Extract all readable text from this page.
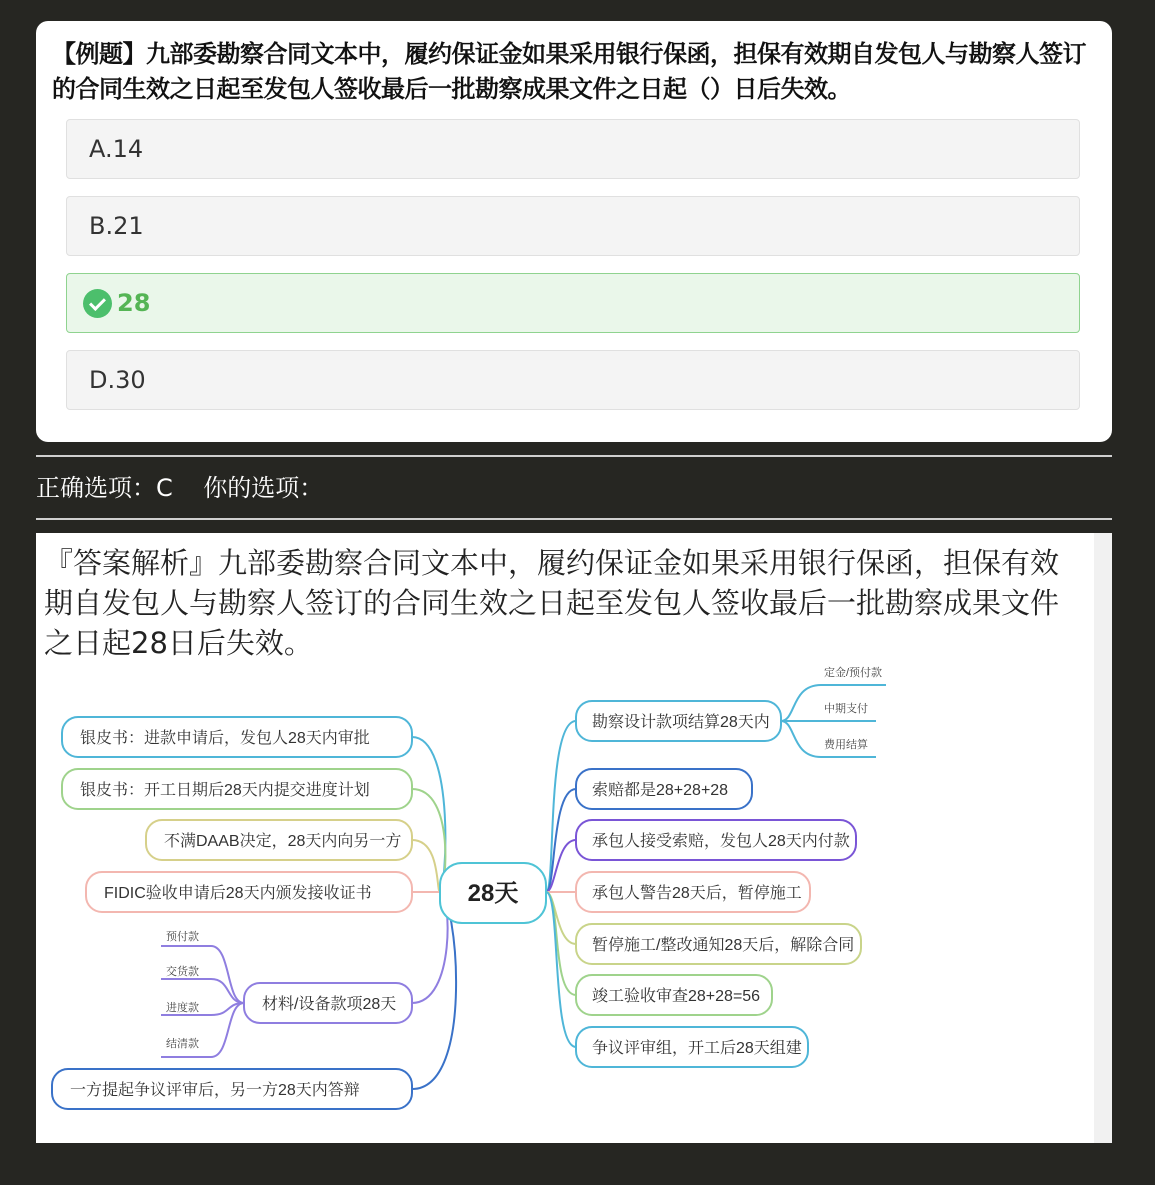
【例题】九部委勘察合同文本中，履约保证金如果采用银行保函，担保有效期自发包人与勘察人签订的合同生效之日起至发包人签收最后一批勘察成果文件之日起（）日后失效。
A.14
B.21
28
D.30
正确选项：C 你的选项：
『答案解析』九部委勘察合同文本中，履约保证金如果采用银行保函，担保有效期自发包人与勘察人签订的合同生效之日起至发包人签收最后一批勘察成果文件之日起28日后失效。
28天
银皮书：进款申请后，发包人28天内审批
银皮书：开工日期后28天内提交进度计划
不满DAAB决定，28天内向另一方
FIDIC验收申请后28天内颁发接收证书
材料/设备款项28天
一方提起争议评审后，另一方28天内答辩
预付款
交货款
进度款
结清款
勘察设计款项结算28天内
索赔都是28+28+28
承包人接受索赔，发包人28天内付款
承包人警告28天后，暂停施工
暂停施工/整改通知28天后，解除合同
竣工验收审查28+28=56
争议评审组，开工后28天组建
定金/预付款
中期支付
费用结算
